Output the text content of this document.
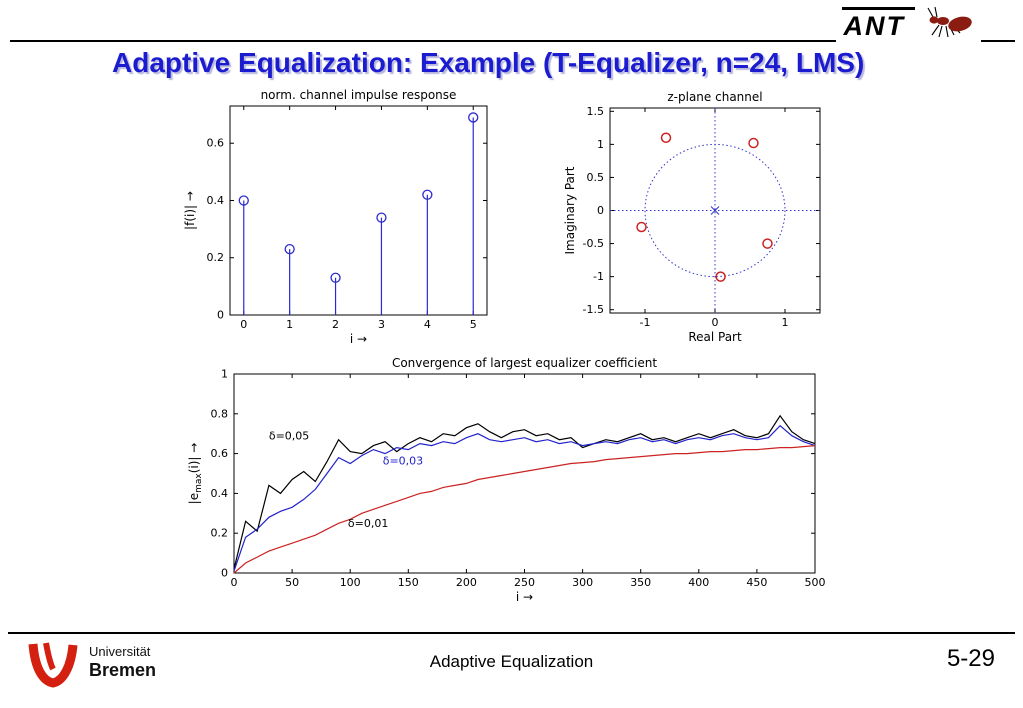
ANT
Adaptive Equalization: Example (T-Equalizer, n=24, LMS)
0	1	2	3	4	5
0
0.2
0.4
0.6
norm. channel impulse response
i →
|f(i)| →
-1	0	1
-1.5
-1
-0.5
0
0.5
1
1.5
z-plane channel
Real Part
Imaginary Part
0	50	100	150	200	250	300	350	400	450	500
0
0.2
0.4
0.6
0.8
1
Convergence of largest equalizer coefficient
i →
$|e_{max}(i)|$ →
δ=0,05
δ=0,03
δ=0,01
Universität
Bremen	Adaptive Equalization	5-29
